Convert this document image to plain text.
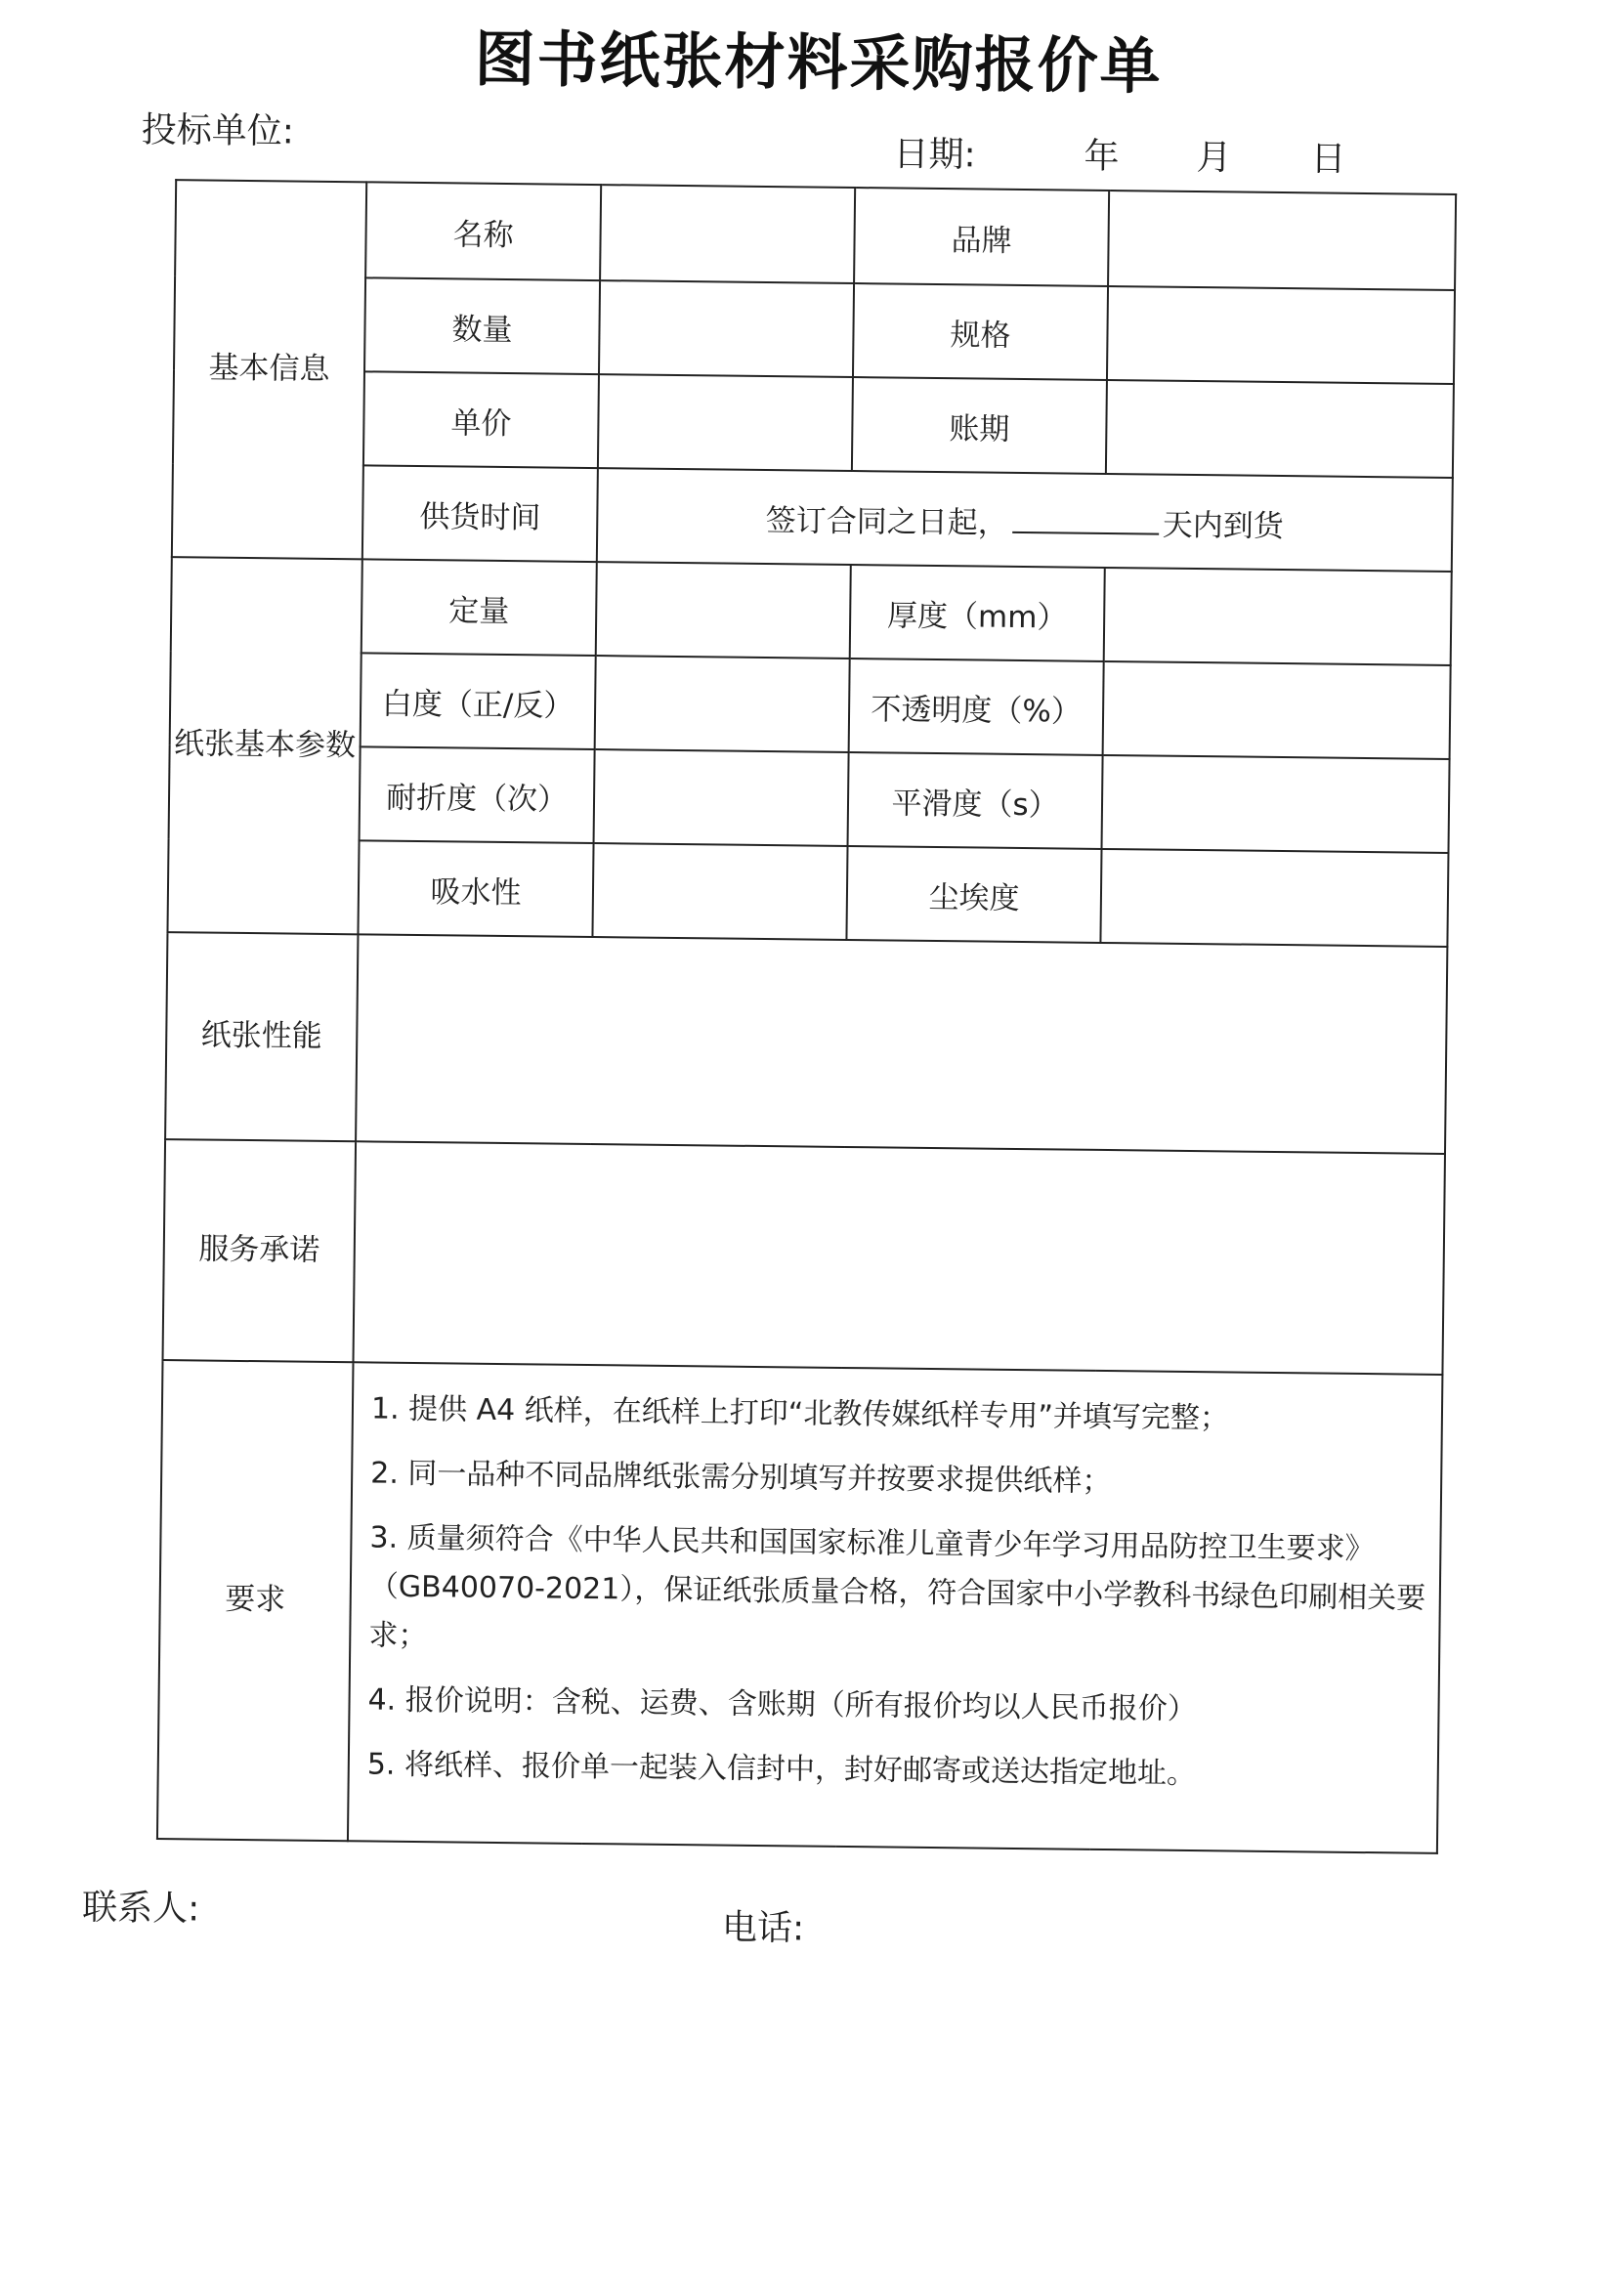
图书纸张材料采购报价单
投标单位:
日期:	年 月 日
基本信息	名称		品牌	
	数量		规格	
	单价		账期	
	供货时间	签订合同之日起， 天内到货		
纸张基本参数	定量		厚度（mm）	
	白度（正/反）		不透明度（%）	
	耐折度（次）		平滑度（s）	
	吸水性		尘埃度	
纸张性能				
服务承诺				
要求	1. 提供 A4 纸样，在纸样上打印“北教传媒纸样专用”并填写完整；
2. 同一品种不同品牌纸张需分别填写并按要求提供纸样；
3. 质量须符合《中华人民共和国国家标准儿童青少年学习用品防控卫生要求》（GB40070-2021），保证纸张质量合格，符合国家中小学教科书绿色印刷相关要求；
4. 报价说明：含税、运费、含账期（所有报价均以人民币报价）
5. 将纸样、报价单一起装入信封中，封好邮寄或送达指定地址。			
联系人:	电话:
